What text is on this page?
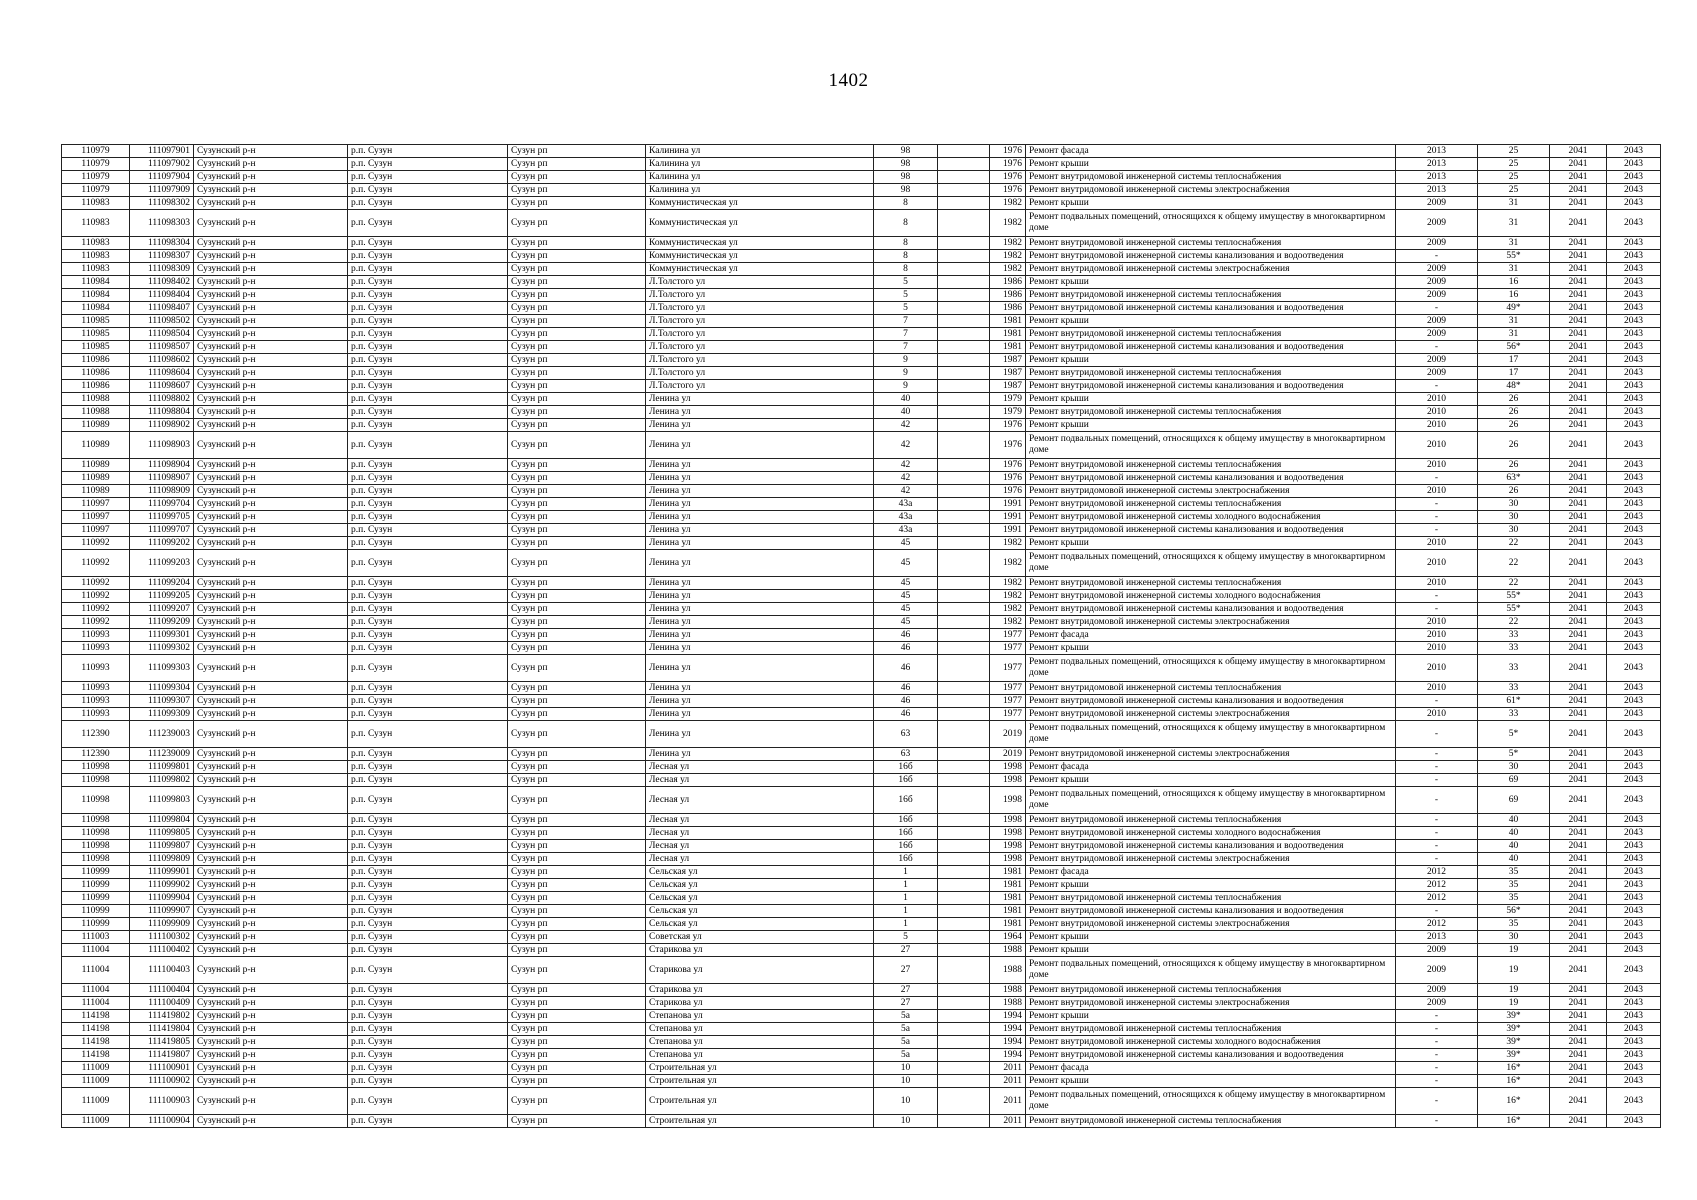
1402
110979	111097901	Сузунский р-н	р.п. Сузун	Сузун рп	Калинина ул	98		1976	Ремонт фасада	2013	25	2041	2043
110979	111097902	Сузунский р-н	р.п. Сузун	Сузун рп	Калинина ул	98		1976	Ремонт крыши	2013	25	2041	2043
110979	111097904	Сузунский р-н	р.п. Сузун	Сузун рп	Калинина ул	98		1976	Ремонт внутридомовой инженерной системы теплоснабжения	2013	25	2041	2043
110979	111097909	Сузунский р-н	р.п. Сузун	Сузун рп	Калинина ул	98		1976	Ремонт внутридомовой инженерной системы электроснабжения	2013	25	2041	2043
110983	111098302	Сузунский р-н	р.п. Сузун	Сузун рп	Коммунистическая ул	8		1982	Ремонт крыши	2009	31	2041	2043
110983	111098303	Сузунский р-н	р.п. Сузун	Сузун рп	Коммунистическая ул	8		1982	Ремонт подвальных помещений, относящихся к общему имуществу в многоквартирном доме	2009	31	2041	2043
110983	111098304	Сузунский р-н	р.п. Сузун	Сузун рп	Коммунистическая ул	8		1982	Ремонт внутридомовой инженерной системы теплоснабжения	2009	31	2041	2043
110983	111098307	Сузунский р-н	р.п. Сузун	Сузун рп	Коммунистическая ул	8		1982	Ремонт внутридомовой инженерной системы канализования и водоотведения	-	55*	2041	2043
110983	111098309	Сузунский р-н	р.п. Сузун	Сузун рп	Коммунистическая ул	8		1982	Ремонт внутридомовой инженерной системы электроснабжения	2009	31	2041	2043
110984	111098402	Сузунский р-н	р.п. Сузун	Сузун рп	Л.Толстого ул	5		1986	Ремонт крыши	2009	16	2041	2043
110984	111098404	Сузунский р-н	р.п. Сузун	Сузун рп	Л.Толстого ул	5		1986	Ремонт внутридомовой инженерной системы теплоснабжения	2009	16	2041	2043
110984	111098407	Сузунский р-н	р.п. Сузун	Сузун рп	Л.Толстого ул	5		1986	Ремонт внутридомовой инженерной системы канализования и водоотведения	-	49*	2041	2043
110985	111098502	Сузунский р-н	р.п. Сузун	Сузун рп	Л.Толстого ул	7		1981	Ремонт крыши	2009	31	2041	2043
110985	111098504	Сузунский р-н	р.п. Сузун	Сузун рп	Л.Толстого ул	7		1981	Ремонт внутридомовой инженерной системы теплоснабжения	2009	31	2041	2043
110985	111098507	Сузунский р-н	р.п. Сузун	Сузун рп	Л.Толстого ул	7		1981	Ремонт внутридомовой инженерной системы канализования и водоотведения	-	56*	2041	2043
110986	111098602	Сузунский р-н	р.п. Сузун	Сузун рп	Л.Толстого ул	9		1987	Ремонт крыши	2009	17	2041	2043
110986	111098604	Сузунский р-н	р.п. Сузун	Сузун рп	Л.Толстого ул	9		1987	Ремонт внутридомовой инженерной системы теплоснабжения	2009	17	2041	2043
110986	111098607	Сузунский р-н	р.п. Сузун	Сузун рп	Л.Толстого ул	9		1987	Ремонт внутридомовой инженерной системы канализования и водоотведения	-	48*	2041	2043
110988	111098802	Сузунский р-н	р.п. Сузун	Сузун рп	Ленина ул	40		1979	Ремонт крыши	2010	26	2041	2043
110988	111098804	Сузунский р-н	р.п. Сузун	Сузун рп	Ленина ул	40		1979	Ремонт внутридомовой инженерной системы теплоснабжения	2010	26	2041	2043
110989	111098902	Сузунский р-н	р.п. Сузун	Сузун рп	Ленина ул	42		1976	Ремонт крыши	2010	26	2041	2043
110989	111098903	Сузунский р-н	р.п. Сузун	Сузун рп	Ленина ул	42		1976	Ремонт подвальных помещений, относящихся к общему имуществу в многоквартирном доме	2010	26	2041	2043
110989	111098904	Сузунский р-н	р.п. Сузун	Сузун рп	Ленина ул	42		1976	Ремонт внутридомовой инженерной системы теплоснабжения	2010	26	2041	2043
110989	111098907	Сузунский р-н	р.п. Сузун	Сузун рп	Ленина ул	42		1976	Ремонт внутридомовой инженерной системы канализования и водоотведения	-	63*	2041	2043
110989	111098909	Сузунский р-н	р.п. Сузун	Сузун рп	Ленина ул	42		1976	Ремонт внутридомовой инженерной системы электроснабжения	2010	26	2041	2043
110997	111099704	Сузунский р-н	р.п. Сузун	Сузун рп	Ленина ул	43а		1991	Ремонт внутридомовой инженерной системы теплоснабжения	-	30	2041	2043
110997	111099705	Сузунский р-н	р.п. Сузун	Сузун рп	Ленина ул	43а		1991	Ремонт внутридомовой инженерной системы холодного водоснабжения	-	30	2041	2043
110997	111099707	Сузунский р-н	р.п. Сузун	Сузун рп	Ленина ул	43а		1991	Ремонт внутридомовой инженерной системы канализования и водоотведения	-	30	2041	2043
110992	111099202	Сузунский р-н	р.п. Сузун	Сузун рп	Ленина ул	45		1982	Ремонт крыши	2010	22	2041	2043
110992	111099203	Сузунский р-н	р.п. Сузун	Сузун рп	Ленина ул	45		1982	Ремонт подвальных помещений, относящихся к общему имуществу в многоквартирном доме	2010	22	2041	2043
110992	111099204	Сузунский р-н	р.п. Сузун	Сузун рп	Ленина ул	45		1982	Ремонт внутридомовой инженерной системы теплоснабжения	2010	22	2041	2043
110992	111099205	Сузунский р-н	р.п. Сузун	Сузун рп	Ленина ул	45		1982	Ремонт внутридомовой инженерной системы холодного водоснабжения	-	55*	2041	2043
110992	111099207	Сузунский р-н	р.п. Сузун	Сузун рп	Ленина ул	45		1982	Ремонт внутридомовой инженерной системы канализования и водоотведения	-	55*	2041	2043
110992	111099209	Сузунский р-н	р.п. Сузун	Сузун рп	Ленина ул	45		1982	Ремонт внутридомовой инженерной системы электроснабжения	2010	22	2041	2043
110993	111099301	Сузунский р-н	р.п. Сузун	Сузун рп	Ленина ул	46		1977	Ремонт фасада	2010	33	2041	2043
110993	111099302	Сузунский р-н	р.п. Сузун	Сузун рп	Ленина ул	46		1977	Ремонт крыши	2010	33	2041	2043
110993	111099303	Сузунский р-н	р.п. Сузун	Сузун рп	Ленина ул	46		1977	Ремонт подвальных помещений, относящихся к общему имуществу в многоквартирном доме	2010	33	2041	2043
110993	111099304	Сузунский р-н	р.п. Сузун	Сузун рп	Ленина ул	46		1977	Ремонт внутридомовой инженерной системы теплоснабжения	2010	33	2041	2043
110993	111099307	Сузунский р-н	р.п. Сузун	Сузун рп	Ленина ул	46		1977	Ремонт внутридомовой инженерной системы канализования и водоотведения	-	61*	2041	2043
110993	111099309	Сузунский р-н	р.п. Сузун	Сузун рп	Ленина ул	46		1977	Ремонт внутридомовой инженерной системы электроснабжения	2010	33	2041	2043
112390	111239003	Сузунский р-н	р.п. Сузун	Сузун рп	Ленина ул	63		2019	Ремонт подвальных помещений, относящихся к общему имуществу в многоквартирном доме	-	5*	2041	2043
112390	111239009	Сузунский р-н	р.п. Сузун	Сузун рп	Ленина ул	63		2019	Ремонт внутридомовой инженерной системы электроснабжения	-	5*	2041	2043
110998	111099801	Сузунский р-н	р.п. Сузун	Сузун рп	Лесная ул	16б		1998	Ремонт фасада	-	30	2041	2043
110998	111099802	Сузунский р-н	р.п. Сузун	Сузун рп	Лесная ул	16б		1998	Ремонт крыши	-	69	2041	2043
110998	111099803	Сузунский р-н	р.п. Сузун	Сузун рп	Лесная ул	16б		1998	Ремонт подвальных помещений, относящихся к общему имуществу в многоквартирном доме	-	69	2041	2043
110998	111099804	Сузунский р-н	р.п. Сузун	Сузун рп	Лесная ул	16б		1998	Ремонт внутридомовой инженерной системы теплоснабжения	-	40	2041	2043
110998	111099805	Сузунский р-н	р.п. Сузун	Сузун рп	Лесная ул	16б		1998	Ремонт внутридомовой инженерной системы холодного водоснабжения	-	40	2041	2043
110998	111099807	Сузунский р-н	р.п. Сузун	Сузун рп	Лесная ул	16б		1998	Ремонт внутридомовой инженерной системы канализования и водоотведения	-	40	2041	2043
110998	111099809	Сузунский р-н	р.п. Сузун	Сузун рп	Лесная ул	16б		1998	Ремонт внутридомовой инженерной системы электроснабжения	-	40	2041	2043
110999	111099901	Сузунский р-н	р.п. Сузун	Сузун рп	Сельская ул	1		1981	Ремонт фасада	2012	35	2041	2043
110999	111099902	Сузунский р-н	р.п. Сузун	Сузун рп	Сельская ул	1		1981	Ремонт крыши	2012	35	2041	2043
110999	111099904	Сузунский р-н	р.п. Сузун	Сузун рп	Сельская ул	1		1981	Ремонт внутридомовой инженерной системы теплоснабжения	2012	35	2041	2043
110999	111099907	Сузунский р-н	р.п. Сузун	Сузун рп	Сельская ул	1		1981	Ремонт внутридомовой инженерной системы канализования и водоотведения	-	56*	2041	2043
110999	111099909	Сузунский р-н	р.п. Сузун	Сузун рп	Сельская ул	1		1981	Ремонт внутридомовой инженерной системы электроснабжения	2012	35	2041	2043
111003	111100302	Сузунский р-н	р.п. Сузун	Сузун рп	Советская ул	5		1964	Ремонт крыши	2013	30	2041	2043
111004	111100402	Сузунский р-н	р.п. Сузун	Сузун рп	Старикова ул	27		1988	Ремонт крыши	2009	19	2041	2043
111004	111100403	Сузунский р-н	р.п. Сузун	Сузун рп	Старикова ул	27		1988	Ремонт подвальных помещений, относящихся к общему имуществу в многоквартирном доме	2009	19	2041	2043
111004	111100404	Сузунский р-н	р.п. Сузун	Сузун рп	Старикова ул	27		1988	Ремонт внутридомовой инженерной системы теплоснабжения	2009	19	2041	2043
111004	111100409	Сузунский р-н	р.п. Сузун	Сузун рп	Старикова ул	27		1988	Ремонт внутридомовой инженерной системы электроснабжения	2009	19	2041	2043
114198	111419802	Сузунский р-н	р.п. Сузун	Сузун рп	Степанова ул	5а		1994	Ремонт крыши	-	39*	2041	2043
114198	111419804	Сузунский р-н	р.п. Сузун	Сузун рп	Степанова ул	5а		1994	Ремонт внутридомовой инженерной системы теплоснабжения	-	39*	2041	2043
114198	111419805	Сузунский р-н	р.п. Сузун	Сузун рп	Степанова ул	5а		1994	Ремонт внутридомовой инженерной системы холодного водоснабжения	-	39*	2041	2043
114198	111419807	Сузунский р-н	р.п. Сузун	Сузун рп	Степанова ул	5а		1994	Ремонт внутридомовой инженерной системы канализования и водоотведения	-	39*	2041	2043
111009	111100901	Сузунский р-н	р.п. Сузун	Сузун рп	Строительная ул	10		2011	Ремонт фасада	-	16*	2041	2043
111009	111100902	Сузунский р-н	р.п. Сузун	Сузун рп	Строительная ул	10		2011	Ремонт крыши	-	16*	2041	2043
111009	111100903	Сузунский р-н	р.п. Сузун	Сузун рп	Строительная ул	10		2011	Ремонт подвальных помещений, относящихся к общему имуществу в многоквартирном доме	-	16*	2041	2043
111009	111100904	Сузунский р-н	р.п. Сузун	Сузун рп	Строительная ул	10		2011	Ремонт внутридомовой инженерной системы теплоснабжения	-	16*	2041	2043
